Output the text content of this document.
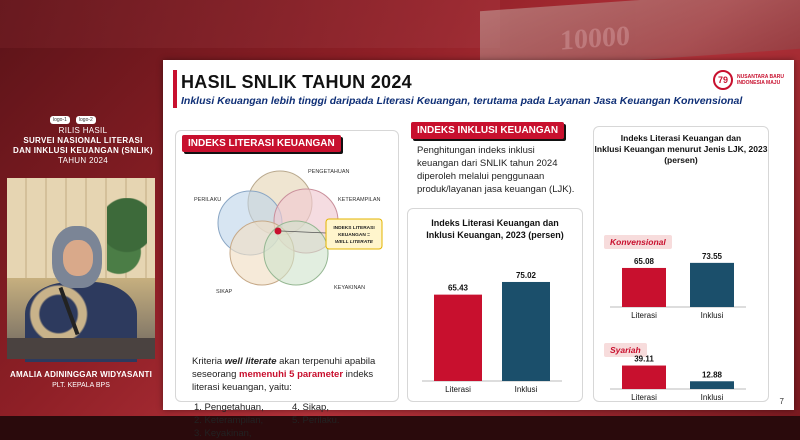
10000
logo-1	logo-2
RILIS HASIL
SURVEI NASIONAL LITERASI
DAN INKLUSI KEUANGAN (SNLIK)
TAHUN 2024
AMALIA ADININGGAR WIDYASANTI
PLT. KEPALA BPS
HASIL SNLIK TAHUN 2024
Inklusi Keuangan lebih tinggi daripada Literasi Keuangan, terutama pada Layanan Jasa Keuangan Konvensional
79	NUSANTARA BARU
INDONESIA MAJU
INDEKS LITERASI KEUANGAN
PENGETAHUAN
PERILAKU	KETERAMPILAN
SIKAP
KEYAKINAN
INDEKS LITERASI
KEUANGAN =
WELL LITERATE
Kriteria well literate akan terpenuhi apabila seseorang memenuhi 5 parameter indeks literasi keuangan, yaitu:
1. Pengetahuan,	4. Sikap,
2. Keterampilan,	5. Perilaku.
3. Keyakinan,
INDEKS INKLUSI KEUANGAN
Penghitungan indeks inklusi keuangan dari SNLIK tahun 2024 diperoleh melalui penggunaan produk/layanan jasa keuangan (LJK).
Indeks Literasi Keuangan dan
Inklusi Keuangan, 2023 (persen)
65.43
Literasi
75.02
Inklusi
Indeks Literasi Keuangan dan
Inklusi Keuangan menurut Jenis LJK, 2023
(persen)
Konvensional
Syariah
65.08
Literasi
73.55
Inklusi
39.11
Literasi
12.88
Inklusi	7
